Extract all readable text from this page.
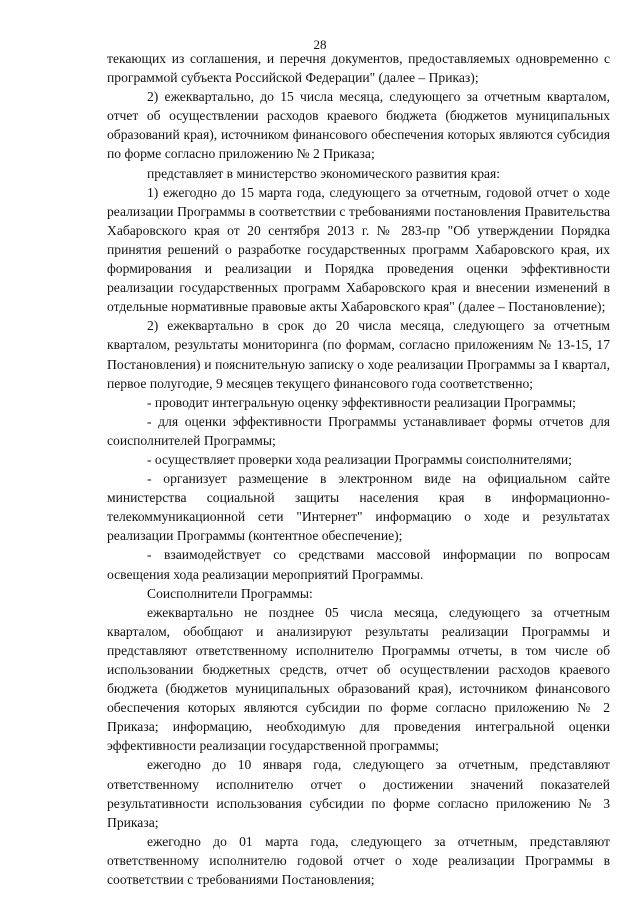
28

текающих из соглашения, и перечня документов, предоставляемых одновременно с программой субъекта Российской Федерации" (далее – Приказ);

2) ежеквартально, до 15 числа месяца, следующего за отчетным кварталом, отчет об осуществлении расходов краевого бюджета (бюджетов муниципальных образований края), источником финансового обеспечения которых являются субсидия по форме согласно приложению № 2 Приказа;

представляет в министерство экономического развития края:

1) ежегодно до 15 марта года, следующего за отчетным, годовой отчет о ходе реализации Программы в соответствии с требованиями постановления Правительства Хабаровского края от 20 сентября 2013 г. № 283-пр "Об утверждении Порядка принятия решений о разработке государственных программ Хабаровского края, их формирования и реализации и Порядка проведения оценки эффективности реализации государственных программ Хабаровского края и внесении изменений в отдельные нормативные правовые акты Хабаровского края" (далее – Постановление);

2) ежеквартально в срок до 20 числа месяца, следующего за отчетным кварталом, результаты мониторинга (по формам, согласно приложениям № 13-15, 17 Постановления) и пояснительную записку о ходе реализации Программы за I квартал, первое полугодие, 9 месяцев текущего финансового года соответственно;

- проводит интегральную оценку эффективности реализации Программы;

- для оценки эффективности Программы устанавливает формы отчетов для соисполнителей Программы;

- осуществляет проверки хода реализации Программы соисполнителями;

- организует размещение в электронном виде на официальном сайте министерства социальной защиты населения края в информационно-телекоммуникационной сети "Интернет" информацию о ходе и результатах реализации Программы (контентное обеспечение);

- взаимодействует со средствами массовой информации по вопросам освещения хода реализации мероприятий Программы.

Соисполнители Программы:

ежеквартально не позднее 05 числа месяца, следующего за отчетным кварталом, обобщают и анализируют результаты реализации Программы и представляют ответственному исполнителю Программы отчеты, в том числе об использовании бюджетных средств, отчет об осуществлении расходов краевого бюджета (бюджетов муниципальных образований края), источником финансового обеспечения которых являются субсидии по форме согласно приложению № 2 Приказа; информацию, необходимую для проведения интегральной оценки эффективности реализации государственной программы;

ежегодно до 10 января года, следующего за отчетным, представляют ответственному исполнителю отчет о достижении значений показателей результативности использования субсидии по форме согласно приложению № 3 Приказа;

ежегодно до 01 марта года, следующего за отчетным, представляют ответственному исполнителю годовой отчет о ходе реализации Программы в соответствии с требованиями Постановления;
